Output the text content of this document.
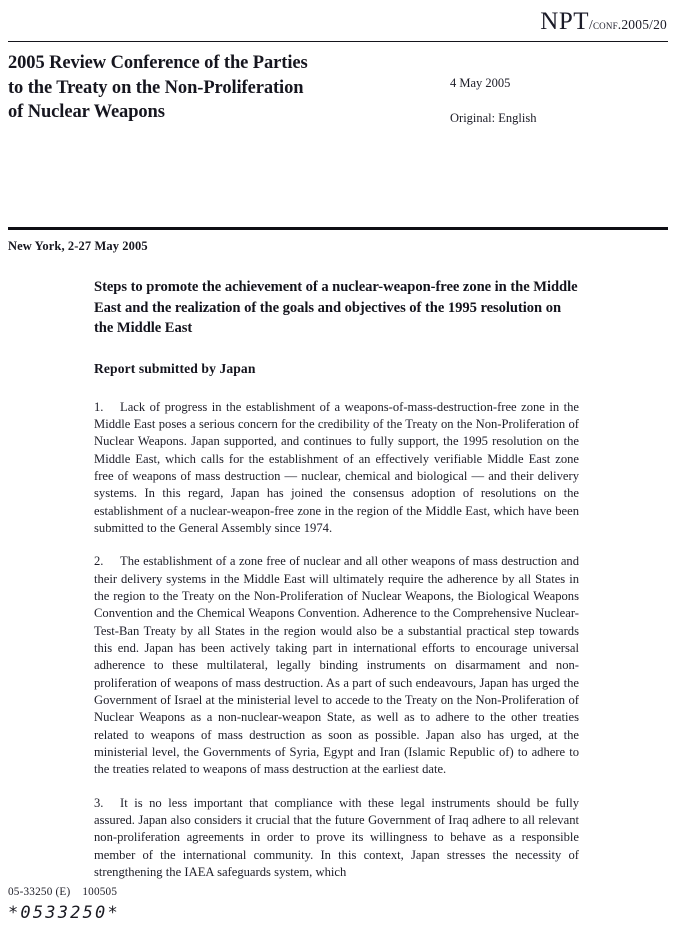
NPT/conf.2005/20
2005 Review Conference of the Parties
to the Treaty on the Non-Proliferation
of Nuclear Weapons
4 May 2005
Original: English
New York, 2-27 May 2005
Steps to promote the achievement of a nuclear-weapon-free zone in the Middle East and the realization of the goals and objectives of the 1995 resolution on the Middle East
Report submitted by Japan

1. Lack of progress in the establishment of a weapons-of-mass-destruction-free zone in the Middle East poses a serious concern for the credibility of the Treaty on the Non-Proliferation of Nuclear Weapons. Japan supported, and continues to fully support, the 1995 resolution on the Middle East, which calls for the establishment of an effectively verifiable Middle East zone free of weapons of mass destruction — nuclear, chemical and biological — and their delivery systems. In this regard, Japan has joined the consensus adoption of resolutions on the establishment of a nuclear-weapon-free zone in the region of the Middle East, which have been submitted to the General Assembly since 1974.

2. The establishment of a zone free of nuclear and all other weapons of mass destruction and their delivery systems in the Middle East will ultimately require the adherence by all States in the region to the Treaty on the Non-Proliferation of Nuclear Weapons, the Biological Weapons Convention and the Chemical Weapons Convention. Adherence to the Comprehensive Nuclear-Test-Ban Treaty by all States in the region would also be a substantial practical step towards this end. Japan has been actively taking part in international efforts to encourage universal adherence to these multilateral, legally binding instruments on disarmament and non-proliferation of weapons of mass destruction. As a part of such endeavours, Japan has urged the Government of Israel at the ministerial level to accede to the Treaty on the Non-Proliferation of Nuclear Weapons as a non-nuclear-weapon State, as well as to adhere to the other treaties related to weapons of mass destruction as soon as possible. Japan also has urged, at the ministerial level, the Governments of Syria, Egypt and Iran (Islamic Republic of) to adhere to the treaties related to weapons of mass destruction at the earliest date.

3. It is no less important that compliance with these legal instruments should be fully assured. Japan also considers it crucial that the future Government of Iraq adhere to all relevant non-proliferation agreements in order to prove its willingness to behave as a responsible member of the international community. In this context, Japan stresses the necessity of strengthening the IAEA safeguards system, which

05-33250 (E)    100505
*0533250*
